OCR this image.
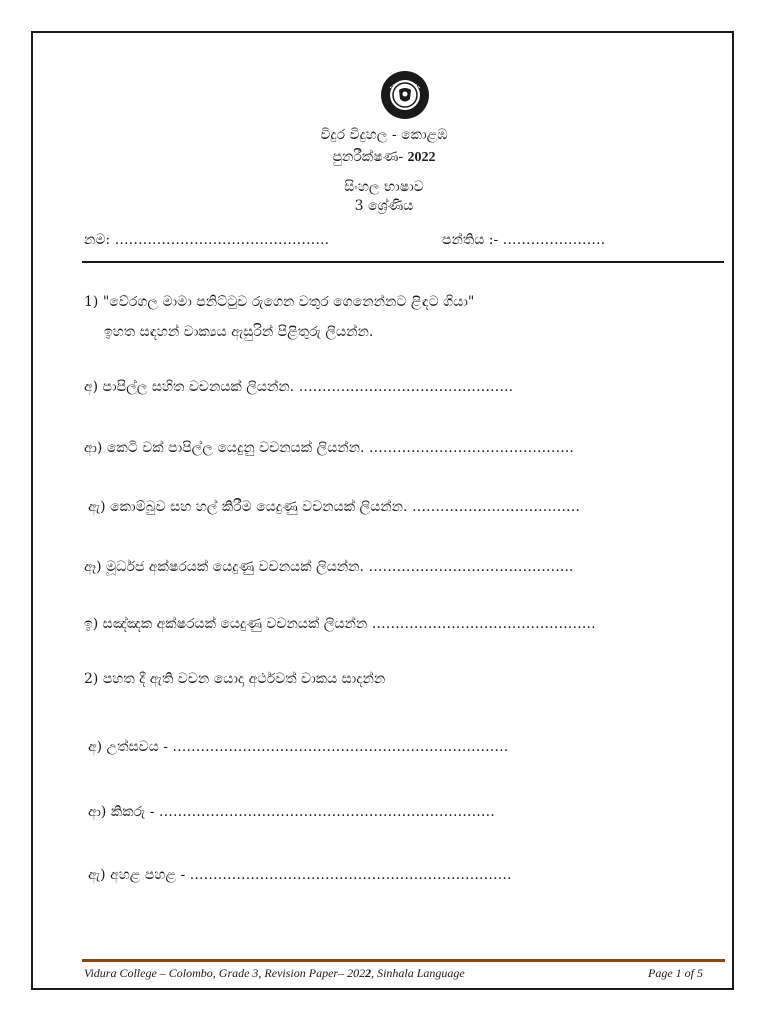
විදුර විදුහල - කොළඹ
පුනරීක්ෂණ- 2022
සිංහල භාෂාව
3 ශ්‍රේණිය
නම: ……………………………………….	පන්තිය :- ………………….
1) "වේරගල මාමා පනිට්ටුව රුගෙන වතුර ගෙනෙන්නට ළිඳට ගියා"
ඉහත සඳහන් වාක්‍යය ඇසුරින් පිළිතුරු ලියන්න.
අ) පාපිල්ල සහිත වචනයක් ලියන්න. ……………………………………….
ආ) කෙටි වක් පාපිල්ල යෙදුනු වචනයක් ලියන්න. ……………………………………..
ඇ) කොම්බුව සහ හල් කිරීම යෙදුණු වචනයක් ලියන්න. ………………………………
ඈ) මූර්ධජ අක්ෂරයක් යෙදුණු වචනයක් ලියන්න. ……………………………………..
ඉ) සඤ්ඤක අක්ෂරයක් යෙදුණු වචනයක් ලියන්න …………………………………………
2) පහත දී ඇති වචන යොදා අර්ථවත් වාකය සාදන්න
අ) උත්සවය - ………………………………………………………………
ආ) කිකරු - ………………………………………………………………
ඇ) අහළ පහළ - ……………………………………………………………
Vidura College – Colombo, Grade 3, Revision Paper– 2022, Sinhala Language	Page 1 of 5
